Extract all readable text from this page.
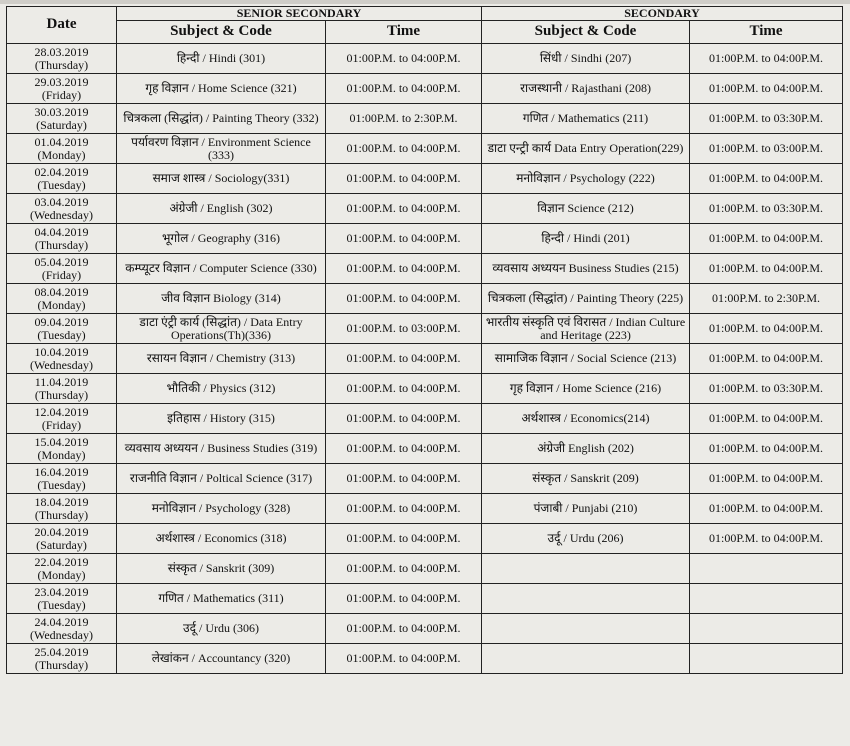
Date	SENIOR SECONDARY		SECONDARY	
	Subject & Code	Time	Subject & Code	Time

28.03.2019
(Thursday)	हिन्दी / Hindi (301)	01:00P.M. to 04:00P.M.	सिंधी / Sindhi (207)	01:00P.M. to 04:00P.M.

29.03.2019
(Friday)	गृह विज्ञान / Home Science (321)	01:00P.M. to 04:00P.M.	राजस्थानी / Rajasthani (208)	01:00P.M. to 04:00P.M.

30.03.2019
(Saturday)	चित्रकला (सिद्धांत) / Painting Theory (332)	01:00P.M. to 2:30P.M.	गणित / Mathematics (211)	01:00P.M. to 03:30P.M.

01.04.2019
(Monday)	पर्यावरण विज्ञान / Environment Science (333)	01:00P.M. to 04:00P.M.	डाटा एन्ट्री कार्य Data Entry Operation(229)	01:00P.M. to 03:00P.M.

02.04.2019
(Tuesday)	समाज शास्त्र / Sociology(331)	01:00P.M. to 04:00P.M.	मनोविज्ञान / Psychology (222)	01:00P.M. to 04:00P.M.

03.04.2019
(Wednesday)	अंग्रेजी / English (302)	01:00P.M. to 04:00P.M.	विज्ञान Science (212)	01:00P.M. to 03:30P.M.

04.04.2019
(Thursday)	भूगोल / Geography (316)	01:00P.M. to 04:00P.M.	हिन्दी / Hindi (201)	01:00P.M. to 04:00P.M.

05.04.2019
(Friday)	कम्प्यूटर विज्ञान / Computer Science (330)	01:00P.M. to 04:00P.M.	व्यवसाय अध्ययन Business Studies (215)	01:00P.M. to 04:00P.M.

08.04.2019
(Monday)	जीव विज्ञान Biology (314)	01:00P.M. to 04:00P.M.	चित्रकला (सिद्धांत) / Painting Theory (225)	01:00P.M. to 2:30P.M.

09.04.2019
(Tuesday)	डाटा एंट्री कार्य (सिद्धांत) / Data Entry Operations(Th)(336)	01:00P.M. to 03:00P.M.	भारतीय संस्कृति एवं विरासत / Indian Culture and Heritage (223)	01:00P.M. to 04:00P.M.

10.04.2019
(Wednesday)	रसायन विज्ञान / Chemistry (313)	01:00P.M. to 04:00P.M.	सामाजिक विज्ञान / Social Science (213)	01:00P.M. to 04:00P.M.

11.04.2019
(Thursday)	भौतिकी / Physics (312)	01:00P.M. to 04:00P.M.	गृह विज्ञान / Home Science (216)	01:00P.M. to 03:30P.M.

12.04.2019
(Friday)	इतिहास / History (315)	01:00P.M. to 04:00P.M.	अर्थशास्त्र / Economics(214)	01:00P.M. to 04:00P.M.

15.04.2019
(Monday)	व्यवसाय अध्ययन / Business Studies (319)	01:00P.M. to 04:00P.M.	अंग्रेजी English (202)	01:00P.M. to 04:00P.M.

16.04.2019
(Tuesday)	राजनीति विज्ञान / Poltical Science (317)	01:00P.M. to 04:00P.M.	संस्कृत / Sanskrit (209)	01:00P.M. to 04:00P.M.

18.04.2019
(Thursday)	मनोविज्ञान / Psychology (328)	01:00P.M. to 04:00P.M.	पंजाबी / Punjabi (210)	01:00P.M. to 04:00P.M.

20.04.2019
(Saturday)	अर्थशास्त्र / Economics (318)	01:00P.M. to 04:00P.M.	उर्दू / Urdu (206)	01:00P.M. to 04:00P.M.

22.04.2019
(Monday)	संस्कृत / Sanskrit (309)	01:00P.M. to 04:00P.M.		

23.04.2019
(Tuesday)	गणित / Mathematics (311)	01:00P.M. to 04:00P.M.		

24.04.2019
(Wednesday)	उर्दू / Urdu (306)	01:00P.M. to 04:00P.M.		

25.04.2019
(Thursday)	लेखांकन / Accountancy (320)	01:00P.M. to 04:00P.M.		
